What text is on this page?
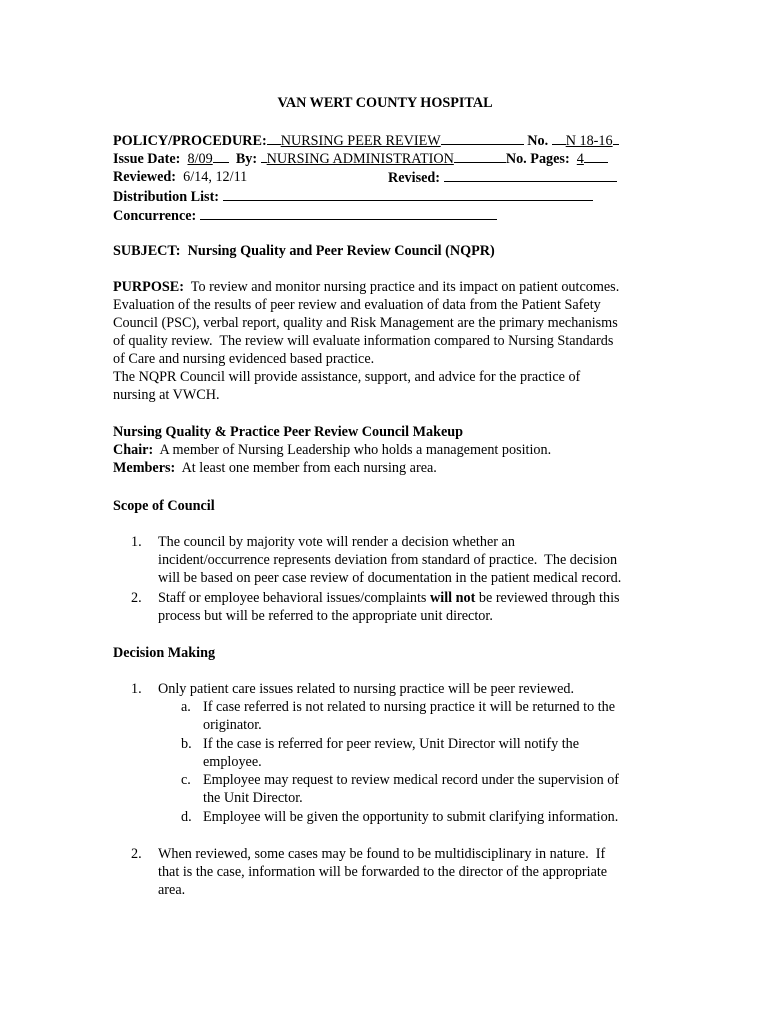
VAN WERT COUNTY HOSPITAL
POLICY/PROCEDURE: NURSING PEER REVIEW	No. N 18-16
Issue Date: 8/09 By: NURSING ADMINISTRATION	No. Pages: 4
Reviewed: 6/14, 12/11	Revised:
Distribution List:
Concurrence:
SUBJECT: Nursing Quality and Peer Review Council (NQPR)
PURPOSE: To review and monitor nursing practice and its impact on patient outcomes.
Evaluation of the results of peer review and evaluation of data from the Patient Safety
Council (PSC), verbal report, quality and Risk Management are the primary mechanisms
of quality review.  The review will evaluate information compared to Nursing Standards
of Care and nursing evidenced based practice.
The NQPR Council will provide assistance, support, and advice for the practice of
nursing at VWCH.
Nursing Quality & Practice Peer Review Council Makeup
Chair: A member of Nursing Leadership who holds a management position.
Members: At least one member from each nursing area.
Scope of Council
1. The council by majority vote will render a decision whether an
incident/occurrence represents deviation from standard of practice.  The decision
will be based on peer case review of documentation in the patient medical record.
2. Staff or employee behavioral issues/complaints will not be reviewed through this
process but will be referred to the appropriate unit director.
Decision Making
1. Only patient care issues related to nursing practice will be peer reviewed.
a. If case referred is not related to nursing practice it will be returned to the
originator.
b. If the case is referred for peer review, Unit Director will notify the
employee.
c. Employee may request to review medical record under the supervision of
the Unit Director.
d. Employee will be given the opportunity to submit clarifying information.
2. When reviewed, some cases may be found to be multidisciplinary in nature.  If
that is the case, information will be forwarded to the director of the appropriate
area.
